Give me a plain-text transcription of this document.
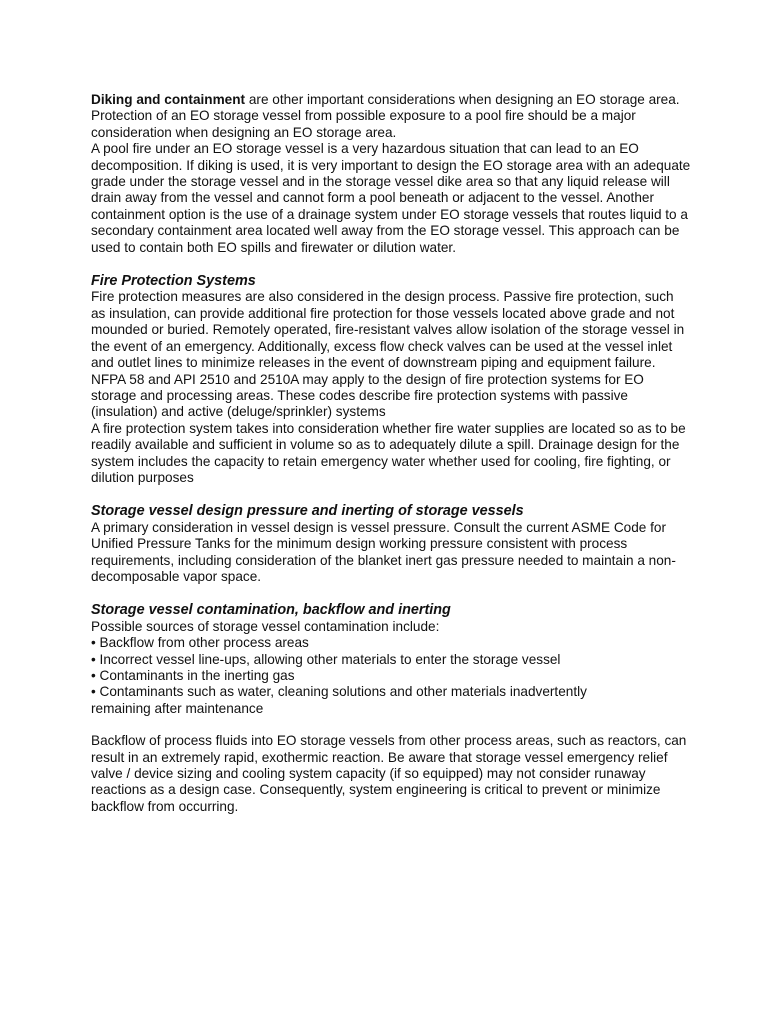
Diking and containment are other important considerations when designing an EO storage area. Protection of an EO storage vessel from possible exposure to a pool fire should be a major consideration when designing an EO storage area.

A pool fire under an EO storage vessel is a very hazardous situation that can lead to an EO decomposition. If diking is used, it is very important to design the EO storage area with an adequate grade under the storage vessel and in the storage vessel dike area so that any liquid release will drain away from the vessel and cannot form a pool beneath or adjacent to the vessel. Another containment option is the use of a drainage system under EO storage vessels that routes liquid to a secondary containment area located well away from the EO storage vessel. This approach can be used to contain both EO spills and firewater or dilution water.

Fire Protection Systems

Fire protection measures are also considered in the design process. Passive fire protection, such as insulation, can provide additional fire protection for those vessels located above grade and not mounded or buried. Remotely operated, fire-resistant valves allow isolation of the storage vessel in the event of an emergency. Additionally, excess flow check valves can be used at the vessel inlet and outlet lines to minimize releases in the event of downstream piping and equipment failure.

NFPA 58 and API 2510 and 2510A may apply to the design of fire protection systems for EO storage and processing areas. These codes describe fire protection systems with passive (insulation) and active (deluge/sprinkler) systems

A fire protection system takes into consideration whether fire water supplies are located so as to be readily available and sufficient in volume so as to adequately dilute a spill. Drainage design for the system includes the capacity to retain emergency water whether used for cooling, fire fighting, or dilution purposes

Storage vessel design pressure and inerting of storage vessels

A primary consideration in vessel design is vessel pressure. Consult the current ASME Code for Unified Pressure Tanks for the minimum design working pressure consistent with process requirements, including consideration of the blanket inert gas pressure needed to maintain a non-decomposable vapor space.

Storage vessel contamination, backflow and inerting

Possible sources of storage vessel contamination include:

• Backflow from other process areas
• Incorrect vessel line-ups, allowing other materials to enter the storage vessel
• Contaminants in the inerting gas
• Contaminants such as water, cleaning solutions and other materials inadvertently

remaining after maintenance

Backflow of process fluids into EO storage vessels from other process areas, such as reactors, can result in an extremely rapid, exothermic reaction. Be aware that storage vessel emergency relief valve / device sizing and cooling system capacity (if so equipped) may not consider runaway reactions as a design case. Consequently, system engineering is critical to prevent or minimize backflow from occurring.
